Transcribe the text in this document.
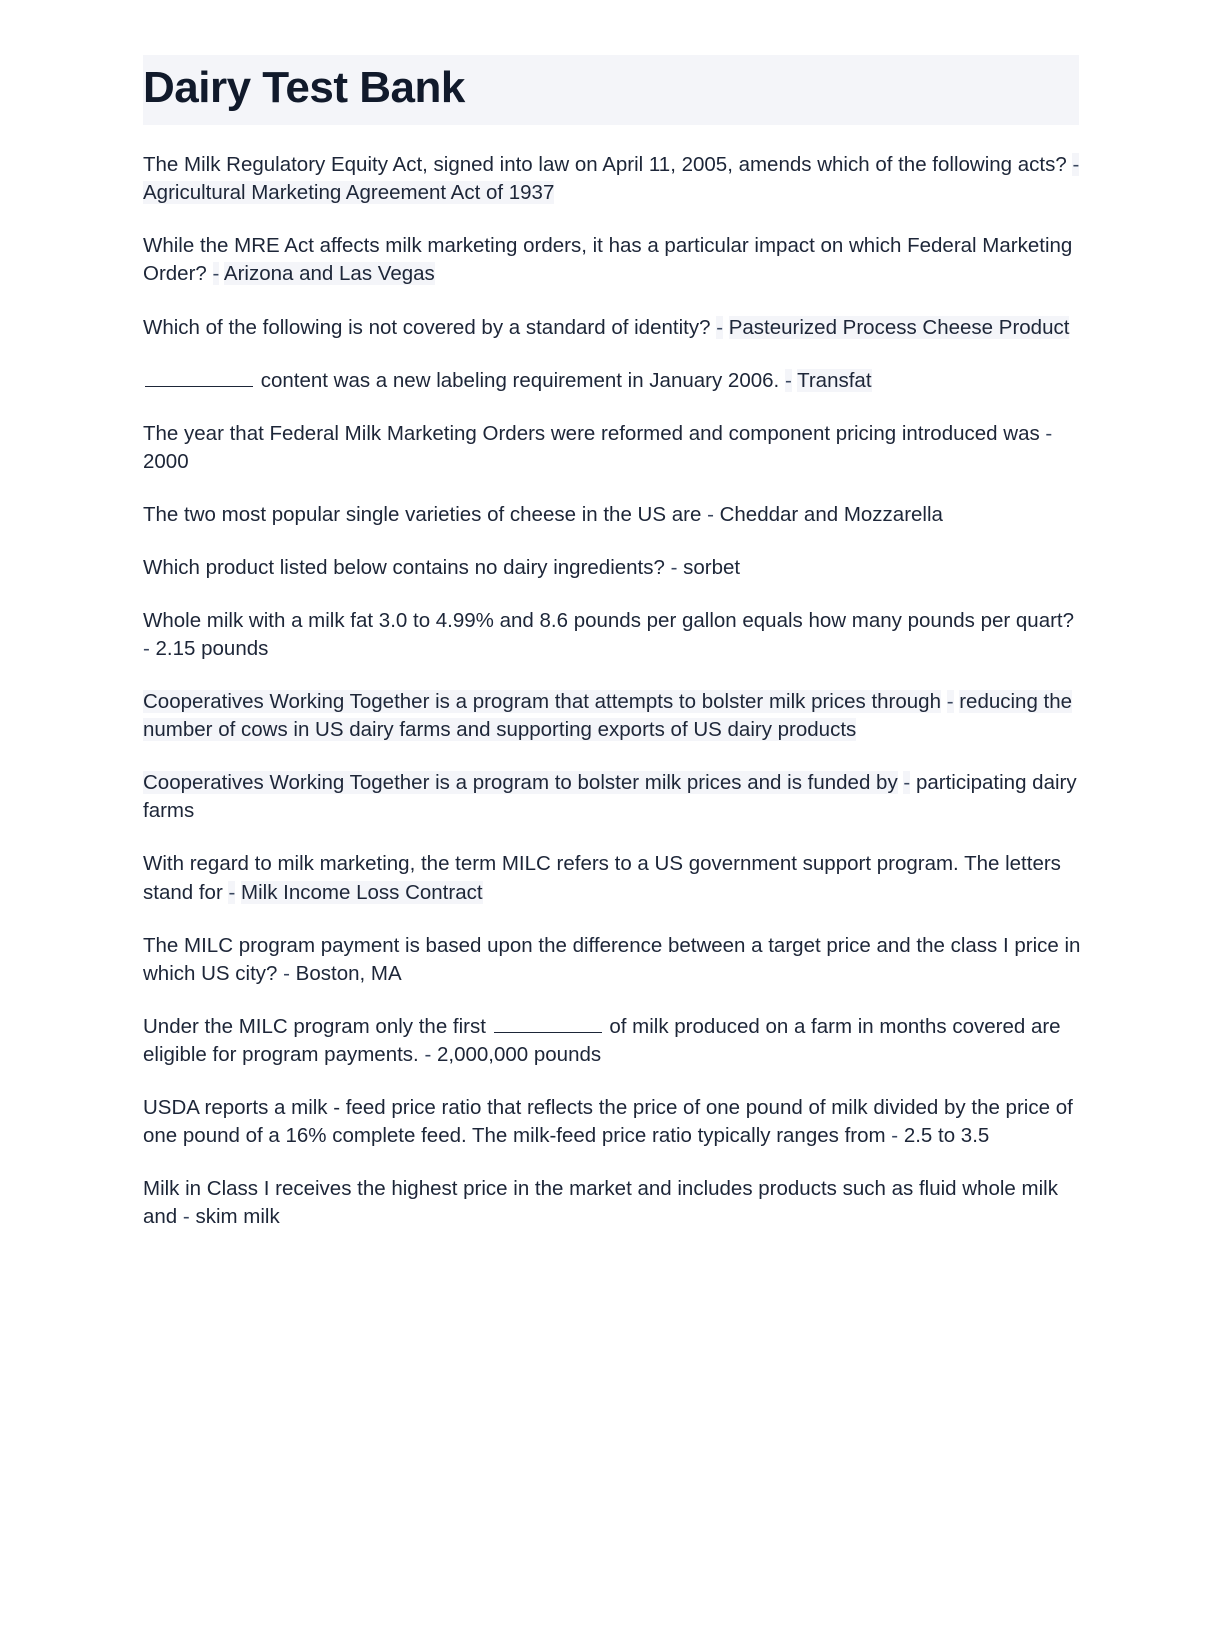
Dairy Test Bank

The Milk Regulatory Equity Act, signed into law on April 11, 2005, amends which of the following acts? - Agricultural Marketing Agreement Act of 1937

While the MRE Act affects milk marketing orders, it has a particular impact on which Federal Marketing Order? - Arizona and Las Vegas

Which of the following is not covered by a standard of identity? - Pasteurized Process Cheese Product

content was a new labeling requirement in January 2006. - Transfat

The year that Federal Milk Marketing Orders were reformed and component pricing introduced was - 2000

The two most popular single varieties of cheese in the US are - Cheddar and Mozzarella

Which product listed below contains no dairy ingredients? - sorbet

Whole milk with a milk fat 3.0 to 4.99% and 8.6 pounds per gallon equals how many pounds per quart? - 2.15 pounds

Cooperatives Working Together is a program that attempts to bolster milk prices through - reducing the number of cows in US dairy farms and supporting exports of US dairy products

Cooperatives Working Together is a program to bolster milk prices and is funded by - participating dairy farms

With regard to milk marketing, the term MILC refers to a US government support program. The letters stand for - Milk Income Loss Contract

The MILC program payment is based upon the difference between a target price and the class I price in which US city? - Boston, MA

Under the MILC program only the first	of milk produced on a farm in months covered are eligible for program payments. - 2,000,000 pounds

USDA reports a milk - feed price ratio that reflects the price of one pound of milk divided by the price of one pound of a 16% complete feed. The milk-feed price ratio typically ranges from - 2.5 to 3.5

Milk in Class I receives the highest price in the market and includes products such as fluid whole milk and - skim milk
